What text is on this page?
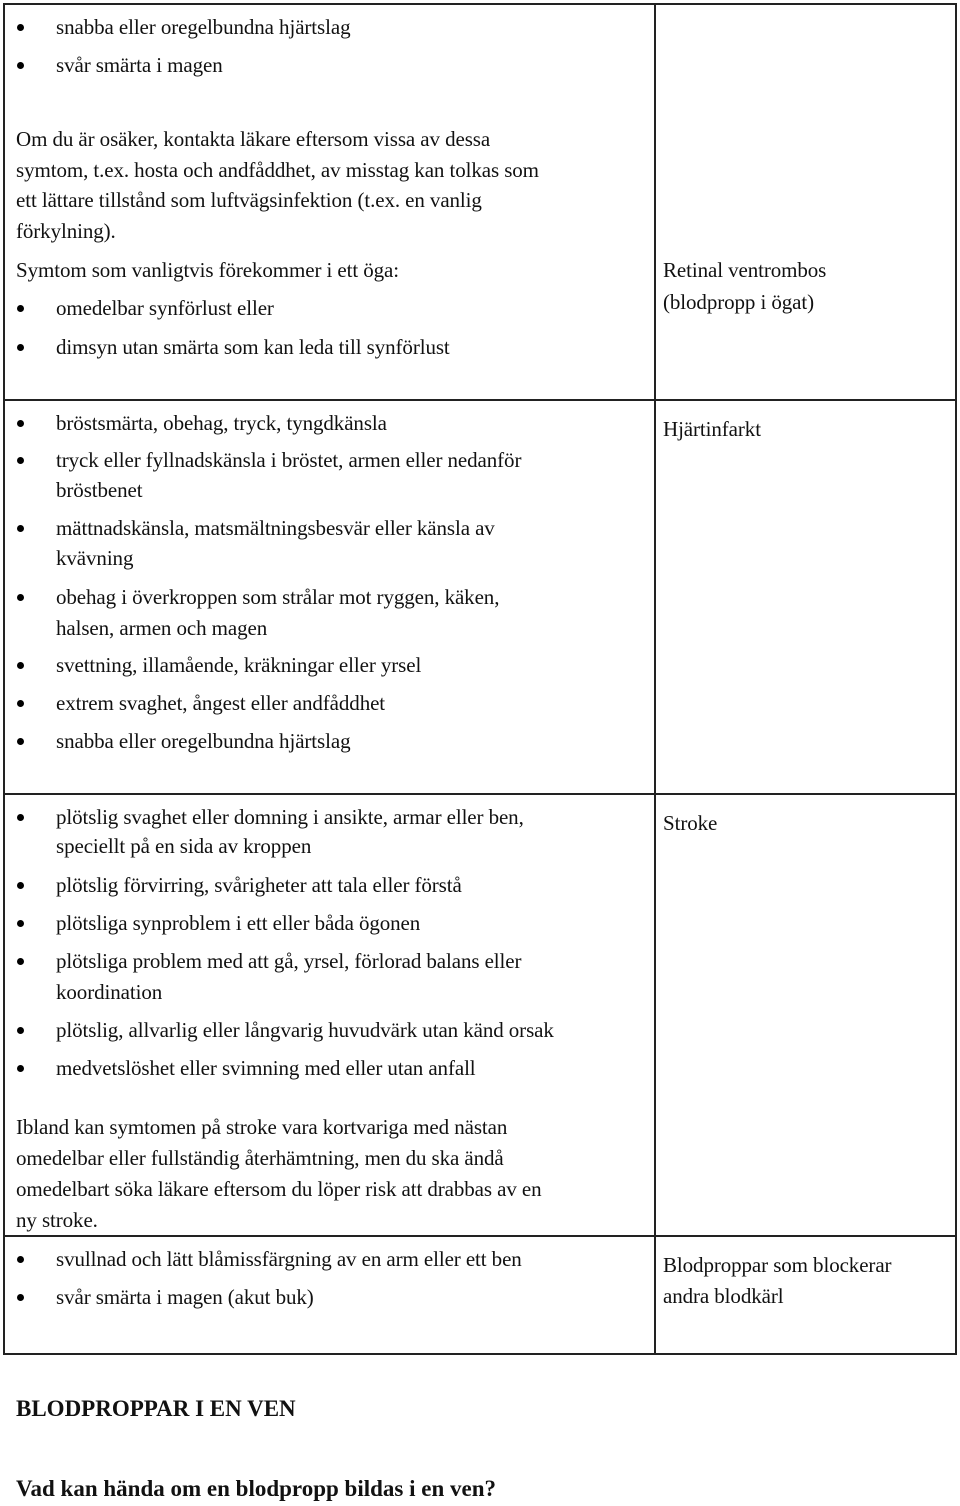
snabba eller oregelbundna hjärtslag
svår smärta i magen
Om du är osäker, kontakta läkare eftersom vissa av dessa
symtom, t.ex. hosta och andfåddhet, av misstag kan tolkas som
ett lättare tillstånd som luftvägsinfektion (t.ex. en vanlig
förkylning).
Symtom som vanligtvis förekommer i ett öga:
omedelbar synförlust eller
dimsyn utan smärta som kan leda till synförlust
Retinal ventrombos
(blodpropp i ögat)
bröstsmärta, obehag, tryck, tyngdkänsla
tryck eller fyllnadskänsla i bröstet, armen eller nedanför
bröstbenet
mättnadskänsla, matsmältningsbesvär eller känsla av
kvävning
obehag i överkroppen som strålar mot ryggen, käken,
halsen, armen och magen
svettning, illamående, kräkningar eller yrsel
extrem svaghet, ångest eller andfåddhet
snabba eller oregelbundna hjärtslag
Hjärtinfarkt
plötslig svaghet eller domning i ansikte, armar eller ben,
speciellt på en sida av kroppen
plötslig förvirring, svårigheter att tala eller förstå
plötsliga synproblem i ett eller båda ögonen
plötsliga problem med att gå, yrsel, förlorad balans eller
koordination
plötslig, allvarlig eller långvarig huvudvärk utan känd orsak
medvetslöshet eller svimning med eller utan anfall
Ibland kan symtomen på stroke vara kortvariga med nästan
omedelbar eller fullständig återhämtning, men du ska ändå
omedelbart söka läkare eftersom du löper risk att drabbas av en
ny stroke.
Stroke
svullnad och lätt blåmissfärgning av en arm eller ett ben
svår smärta i magen (akut buk)
Blodproppar som blockerar
andra blodkärl
BLODPROPPAR I EN VEN
Vad kan hända om en blodpropp bildas i en ven?
